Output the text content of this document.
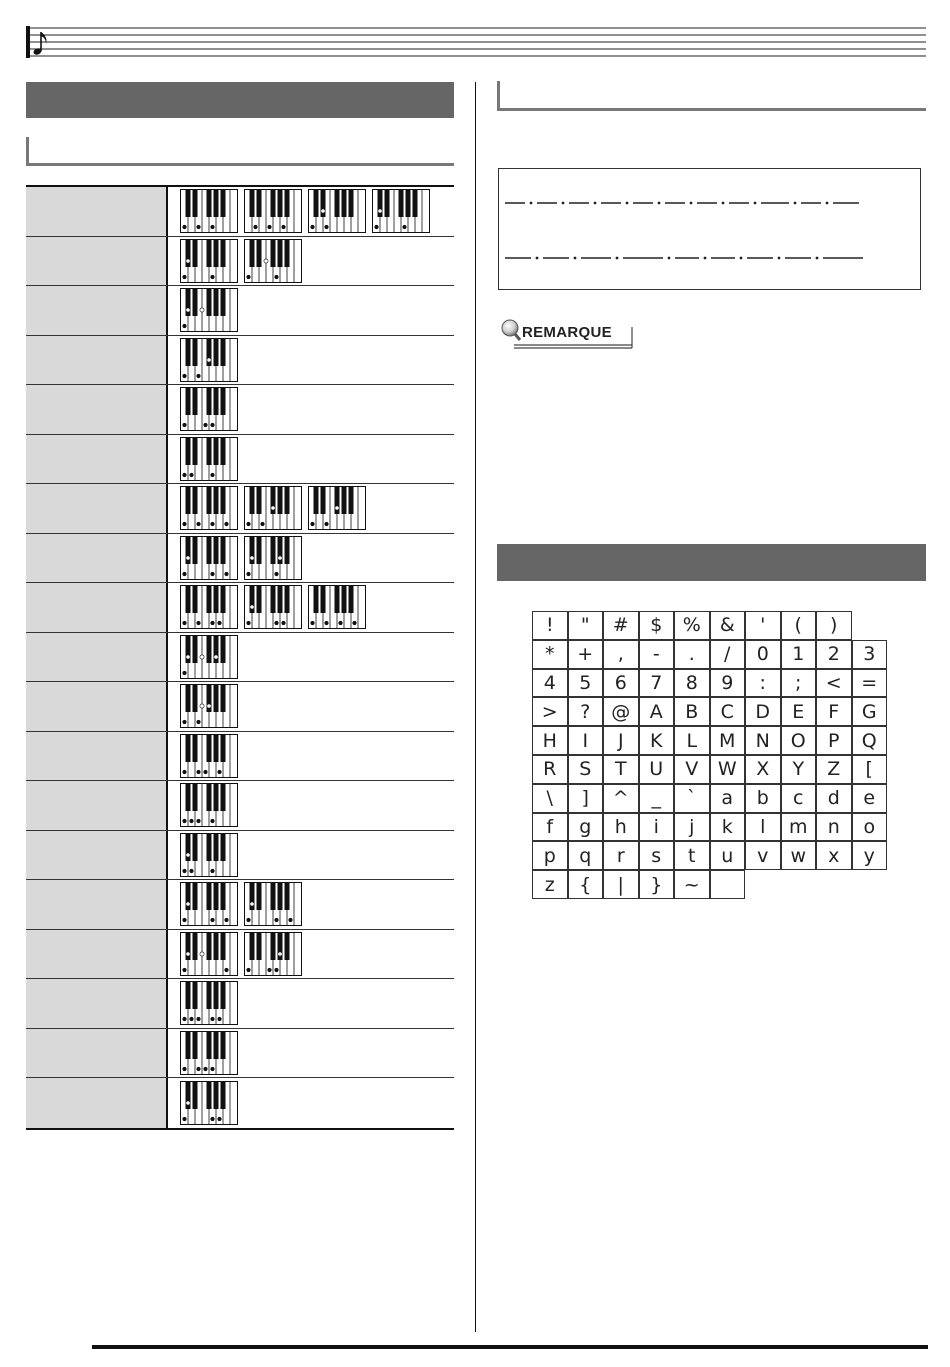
REMARQUE
!	"	#	$	%	&	'	(	)
*	+	,	-	.	/	0	1	2	3
4	5	6	7	8	9	:	;	<	=
>	?	@	A	B	C	D	E	F	G
H	I	J	K	L	M	N	O	P	Q
R	S	T	U	V	W	X	Y	Z	[
\	]	^	_	`	a	b	c	d	e
f	g	h	i	j	k	l	m	n	o
p	q	r	s	t	u	v	w	x	y
z	{	|	}	~
